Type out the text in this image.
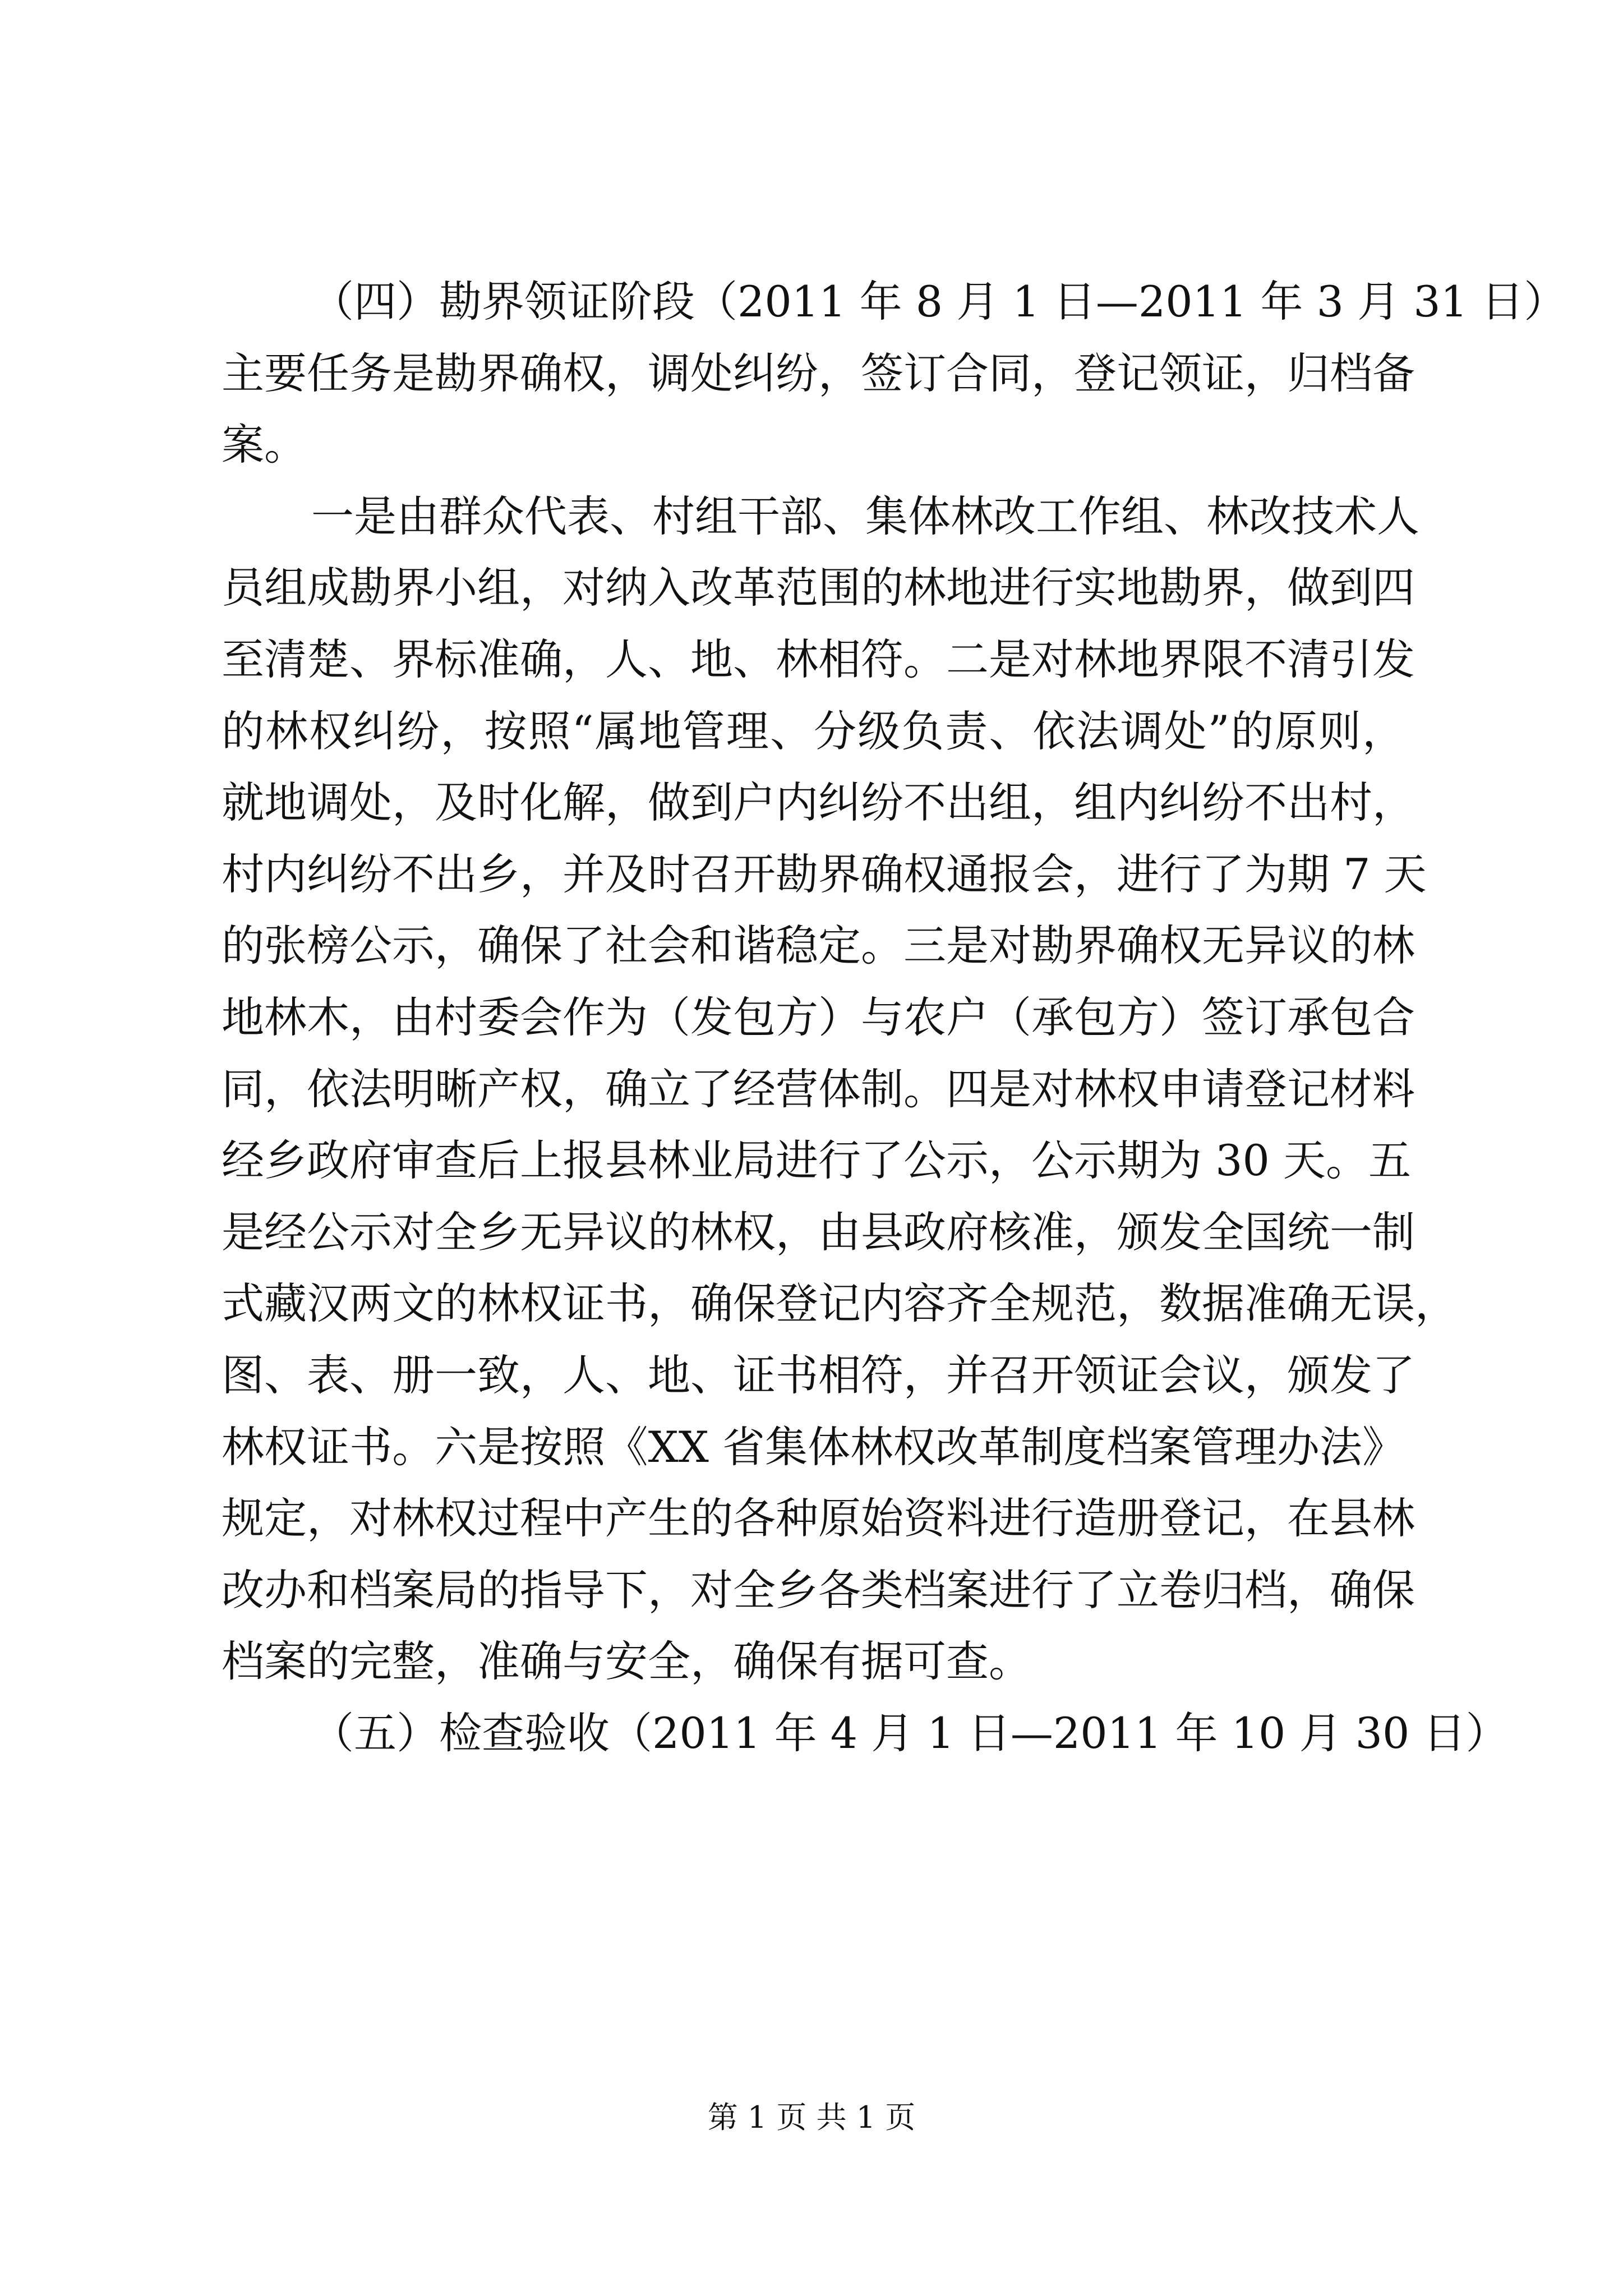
（四）勘界领证阶段（2011 年 8 月 1 日—2011 年 3 月 31 日）
主要任务是勘界确权，调处纠纷，签订合同，登记领证，归档备
案。
一是由群众代表、村组干部、集体林改工作组、林改技术人
员组成勘界小组，对纳入改革范围的林地进行实地勘界，做到四
至清楚、界标准确，人、地、林相符。二是对林地界限不清引发
的林权纠纷，按照“属地管理、分级负责、依法调处”的原则，
就地调处，及时化解，做到户内纠纷不出组，组内纠纷不出村，
村内纠纷不出乡，并及时召开勘界确权通报会，进行了为期 7 天
的张榜公示，确保了社会和谐稳定。三是对勘界确权无异议的林
地林木，由村委会作为（发包方）与农户（承包方）签订承包合
同，依法明晰产权，确立了经营体制。四是对林权申请登记材料
经乡政府审查后上报县林业局进行了公示，公示期为 30 天。五
是经公示对全乡无异议的林权，由县政府核准，颁发全国统一制
式藏汉两文的林权证书，确保登记内容齐全规范，数据准确无误，
图、表、册一致，人、地、证书相符，并召开领证会议，颁发了
林权证书。六是按照《XX 省集体林权改革制度档案管理办法》
规定，对林权过程中产生的各种原始资料进行造册登记，在县林
改办和档案局的指导下，对全乡各类档案进行了立卷归档，确保
档案的完整，准确与安全，确保有据可查。
（五）检查验收（2011 年 4 月 1 日—2011 年 10 月 30 日）
第 1 页 共 1 页
